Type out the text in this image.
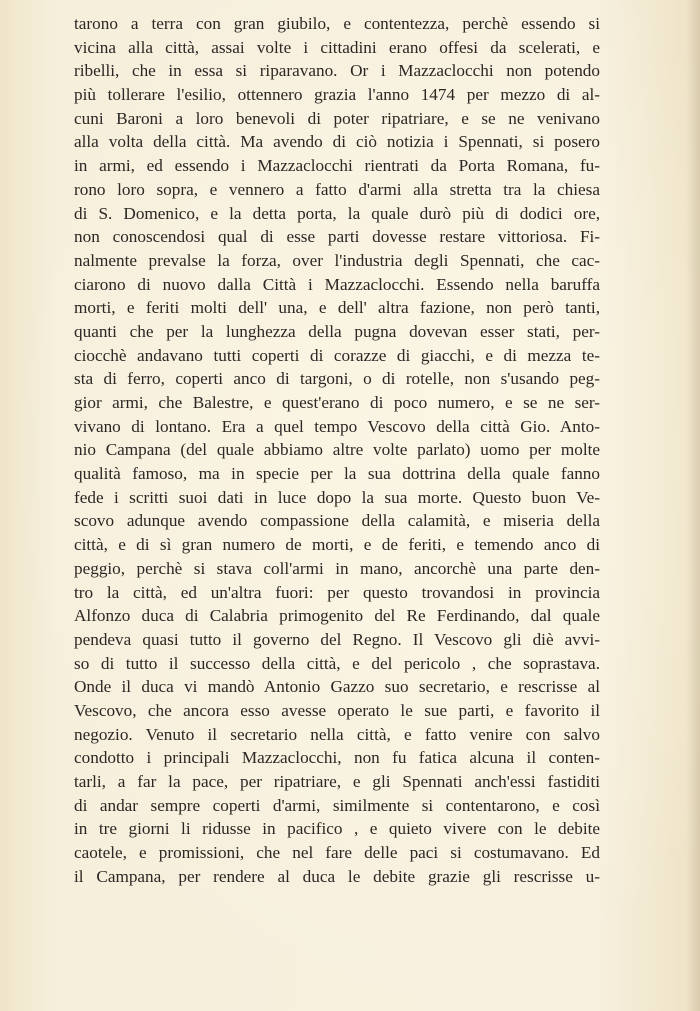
tarono a terra con gran giubilo, e contentezza, perchè essendo si
vicina alla città, assai volte i cittadini erano offesi da scelerati, e
ribelli, che in essa si riparavano. Or i Mazzaclocchi non potendo
più tollerare l'esilio, ottennero grazia l'anno 1474 per mezzo di al-
cuni Baroni a loro benevoli di poter ripatriare, e se ne venivano
alla volta della città. Ma avendo di ciò notizia i Spennati, si posero
in armi, ed essendo i Mazzaclocchi rientrati da Porta Romana, fu-
rono loro sopra, e vennero a fatto d'armi alla stretta tra la chiesa
di S. Domenico, e la detta porta, la quale durò più di dodici ore,
non conoscendosi qual di esse parti dovesse restare vittoriosa. Fi-
nalmente prevalse la forza, over l'industria degli Spennati, che cac-
ciarono di nuovo dalla Città i Mazzaclocchi. Essendo nella baruffa
morti, e feriti molti dell' una, e dell' altra fazione, non però tanti,
quanti che per la lunghezza della pugna dovevan esser stati, per-
ciocchè andavano tutti coperti di corazze di giacchi, e di mezza te-
sta di ferro, coperti anco di targoni, o di rotelle, non s'usando peg-
gior armi, che Balestre, e quest'erano di poco numero, e se ne ser-
vivano di lontano. Era a quel tempo Vescovo della città Gio. Anto-
nio Campana (del quale abbiamo altre volte parlato) uomo per molte
qualità famoso, ma in specie per la sua dottrina della quale fanno
fede i scritti suoi dati in luce dopo la sua morte. Questo buon Ve-
scovo adunque avendo compassione della calamità, e miseria della
città, e di sì gran numero de morti, e de feriti, e temendo anco di
peggio, perchè si stava coll'armi in mano, ancorchè una parte den-
tro la città, ed un'altra fuori: per questo trovandosi in provincia
Alfonzo duca di Calabria primogenito del Re Ferdinando, dal quale
pendeva quasi tutto il governo del Regno. Il Vescovo gli diè avvi-
so di tutto il successo della città, e del pericolo , che soprastava.
Onde il duca vi mandò Antonio Gazzo suo secretario, e rescrisse al
Vescovo, che ancora esso avesse operato le sue parti, e favorito il
negozio. Venuto il secretario nella città, e fatto venire con salvo
condotto i principali Mazzaclocchi, non fu fatica alcuna il conten-
tarli, a far la pace, per ripatriare, e gli Spennati anch'essi fastiditi
di andar sempre coperti d'armi, similmente si contentarono, e così
in tre giorni li ridusse in pacifico , e quieto vivere con le debite
caotele, e promissioni, che nel fare delle paci si costumavano. Ed
il Campana, per rendere al duca le debite grazie gli rescrisse u-
